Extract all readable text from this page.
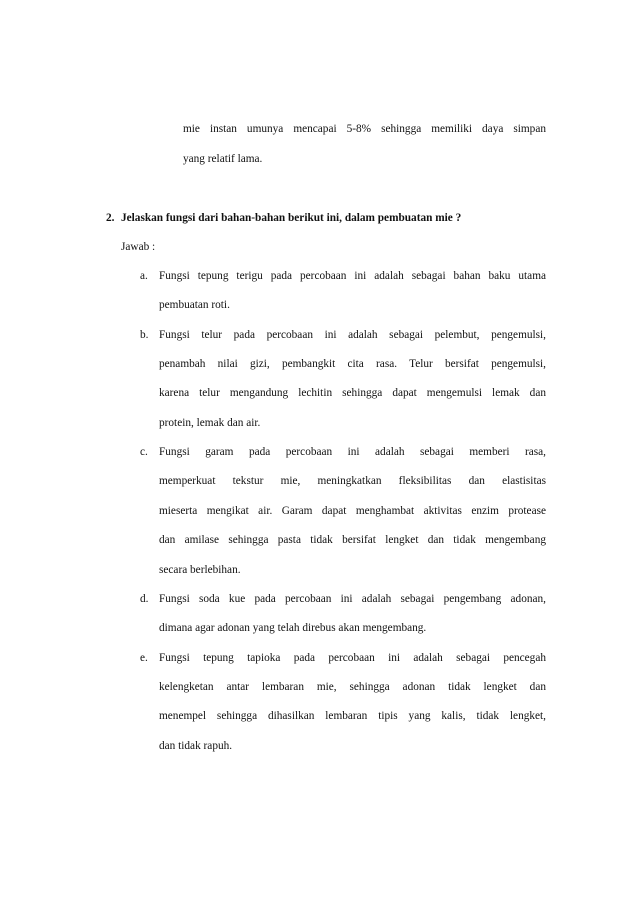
mie instan umunya mencapai 5-8% sehingga memiliki daya simpan
yang relatif lama.
2. Jelaskan fungsi dari bahan-bahan berikut ini, dalam pembuatan mie ?
Jawab :
a. Fungsi tepung terigu pada percobaan ini adalah sebagai bahan baku utama
pembuatan roti.
b. Fungsi telur pada percobaan ini adalah sebagai pelembut, pengemulsi,
penambah nilai gizi, pembangkit cita rasa. Telur bersifat pengemulsi,
karena telur mengandung lechitin sehingga dapat mengemulsi lemak dan
protein, lemak dan air.
c. Fungsi garam pada percobaan ini adalah sebagai memberi rasa,
memperkuat tekstur mie, meningkatkan fleksibilitas dan elastisitas
mieserta mengikat air. Garam dapat menghambat aktivitas enzim protease
dan amilase sehingga pasta tidak bersifat lengket dan tidak mengembang
secara berlebihan.
d. Fungsi soda kue pada percobaan ini adalah sebagai pengembang adonan,
dimana agar adonan yang telah direbus akan mengembang.
e. Fungsi tepung tapioka pada percobaan ini adalah sebagai pencegah
kelengketan antar lembaran mie, sehingga adonan tidak lengket dan
menempel sehingga dihasilkan lembaran tipis yang kalis, tidak lengket,
dan tidak rapuh.
